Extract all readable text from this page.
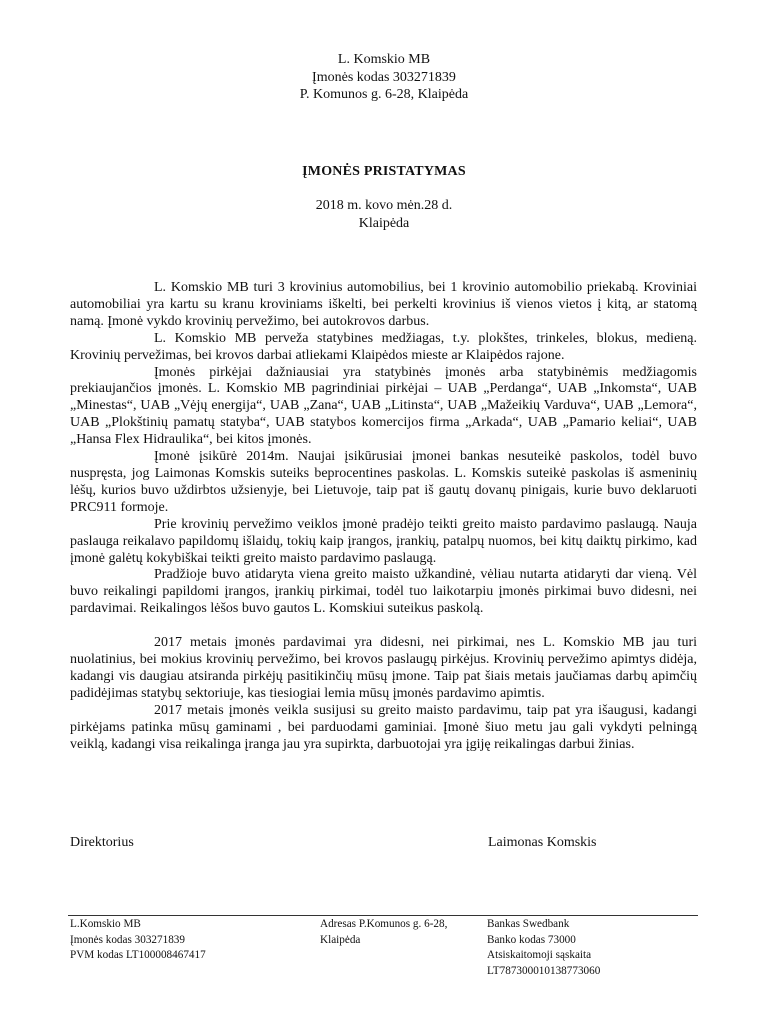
L. Komskio MB
Įmonės kodas 303271839
P. Komunos g. 6-28, Klaipėda
ĮMONĖS PRISTATYMAS
2018 m. kovo mėn.28 d.
Klaipėda

L. Komskio MB turi 3 krovinius automobilius, bei 1 krovinio automobilio priekabą. Kroviniai automobiliai yra kartu su kranu kroviniams iškelti, bei perkelti krovinius iš vienos vietos į kitą, ar statomą namą. Įmonė vykdo krovinių pervežimo, bei autokrovos darbus.

L. Komskio MB perveža statybines medžiagas, t.y. plokštes, trinkeles, blokus, medieną. Krovinių pervežimas, bei krovos darbai atliekami Klaipėdos mieste ar Klaipėdos rajone.

Įmonės pirkėjai dažniausiai yra statybinės įmonės arba statybinėmis medžiagomis prekiaujančios įmonės. L. Komskio MB pagrindiniai pirkėjai – UAB „Perdanga“, UAB „Inkomsta“, UAB „Minestas“, UAB „Vėjų energija“, UAB „Zana“, UAB „Litinsta“, UAB „Mažeikių Varduva“, UAB „Lemora“, UAB „Plokštinių pamatų statyba“, UAB statybos komercijos firma „Arkada“, UAB „Pamario keliai“, UAB „Hansa Flex Hidraulika“, bei kitos įmonės.

Įmonė įsikūrė 2014m. Naujai įsikūrusiai įmonei bankas nesuteikė paskolos, todėl buvo nuspręsta, jog Laimonas Komskis suteiks beprocentines paskolas. L. Komskis suteikė paskolas iš asmeninių lėšų, kurios buvo uždirbtos užsienyje, bei Lietuvoje, taip pat iš gautų dovanų pinigais, kurie buvo deklaruoti PRC911 formoje.

Prie krovinių pervežimo veiklos įmonė pradėjo teikti greito maisto pardavimo paslaugą. Nauja paslauga reikalavo papildomų išlaidų, tokių kaip įrangos, įrankių, patalpų nuomos, bei kitų daiktų pirkimo, kad įmonė galėtų kokybiškai teikti greito maisto pardavimo paslaugą.

Pradžioje buvo atidaryta viena greito maisto užkandinė, vėliau nutarta atidaryti dar vieną. Vėl buvo reikalingi papildomi įrangos, įrankių pirkimai, todėl tuo laikotarpiu įmonės pirkimai buvo didesni, nei pardavimai. Reikalingos lėšos buvo gautos L. Komskiui suteikus paskolą.

2017 metais įmonės pardavimai yra didesni, nei pirkimai, nes L. Komskio MB jau turi nuolatinius, bei mokius krovinių pervežimo, bei krovos paslaugų pirkėjus. Krovinių pervežimo apimtys didėja, kadangi vis daugiau atsiranda pirkėjų pasitikinčių mūsų įmone. Taip pat šiais metais jaučiamas darbų apimčių padidėjimas statybų sektoriuje, kas tiesiogiai lemia mūsų įmonės pardavimo apimtis.

2017 metais įmonės veikla susijusi su greito maisto pardavimu, taip pat yra išaugusi, kadangi pirkėjams patinka mūsų gaminami , bei parduodami gaminiai. Įmonė šiuo metu jau gali vykdyti pelningą veiklą, kadangi visa reikalinga įranga jau yra supirkta, darbuotojai yra įgiję reikalingas darbui žinias.

Direktorius	Laimonas Komskis
L.Komskio MB
Įmonės kodas 303271839
PVM kodas LT100008467417
Adresas P.Komunos g. 6-28,
Klaipėda
Bankas Swedbank
Banko kodas 73000
Atsiskaitomoji sąskaita
LT787300010138773060
